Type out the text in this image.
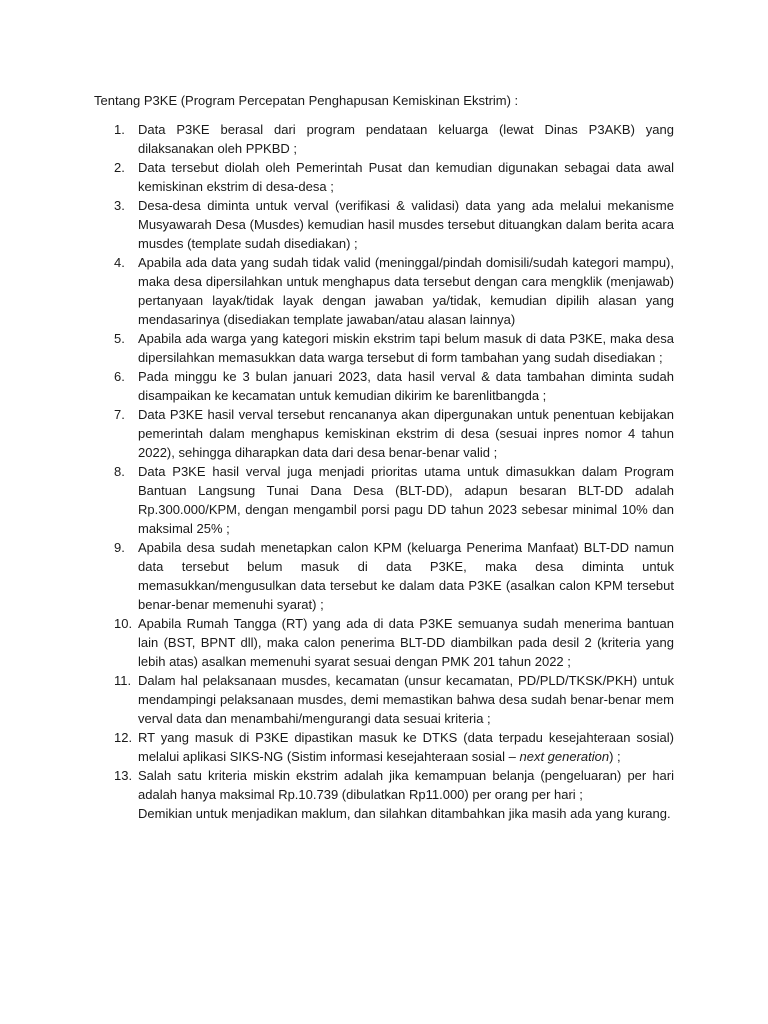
Tentang P3KE (Program Percepatan Penghapusan Kemiskinan Ekstrim) :

1.	Data P3KE berasal dari program pendataan keluarga (lewat Dinas P3AKB) yang dilaksanakan oleh PPKBD ;
2.	Data tersebut diolah oleh Pemerintah Pusat dan kemudian digunakan sebagai data awal kemiskinan ekstrim di desa-desa ;
3.	Desa-desa diminta untuk verval (verifikasi & validasi) data yang ada melalui mekanisme Musyawarah Desa (Musdes) kemudian hasil musdes tersebut dituangkan dalam berita acara musdes (template sudah disediakan) ;
4.	Apabila ada data yang sudah tidak valid (meninggal/pindah domisili/sudah kategori mampu), maka desa dipersilahkan untuk menghapus data tersebut dengan cara mengklik (menjawab) pertanyaan layak/tidak layak dengan jawaban ya/tidak, kemudian dipilih alasan yang mendasarinya (disediakan template jawaban/atau alasan lainnya)
5.	Apabila ada warga yang kategori miskin ekstrim tapi belum masuk di data P3KE, maka desa dipersilahkan memasukkan data warga tersebut di form tambahan yang sudah disediakan ;
6.	Pada minggu ke 3 bulan januari 2023, data hasil verval & data tambahan diminta sudah disampaikan ke kecamatan untuk kemudian dikirim ke barenlitbangda ;
7.	Data P3KE hasil verval tersebut rencananya akan dipergunakan untuk penentuan kebijakan pemerintah dalam menghapus kemiskinan ekstrim di desa (sesuai inpres nomor 4 tahun 2022), sehingga diharapkan data dari desa benar-benar valid ;
8.	Data P3KE hasil verval juga menjadi prioritas utama untuk dimasukkan dalam Program Bantuan Langsung Tunai Dana Desa (BLT-DD), adapun besaran BLT-DD adalah Rp.300.000/KPM, dengan mengambil porsi pagu DD tahun 2023 sebesar minimal 10% dan maksimal 25% ;
9.	Apabila desa sudah menetapkan calon KPM (keluarga Penerima Manfaat) BLT-DD namun data tersebut belum masuk di data P3KE, maka desa diminta untuk memasukkan/mengusulkan data tersebut ke dalam data P3KE (asalkan calon KPM tersebut benar-benar memenuhi syarat) ;
10. Apabila Rumah Tangga (RT) yang ada di data P3KE semuanya sudah menerima bantuan lain (BST, BPNT dll), maka calon penerima BLT-DD diambilkan pada desil 2 (kriteria yang lebih atas) asalkan memenuhi syarat sesuai dengan PMK 201 tahun 2022 ;
11. Dalam hal pelaksanaan musdes, kecamatan (unsur kecamatan, PD/PLD/TKSK/PKH) untuk mendampingi pelaksanaan musdes, demi memastikan bahwa desa sudah benar-benar mem verval data dan menambahi/mengurangi data sesuai kriteria ;
12. RT yang masuk di P3KE dipastikan masuk ke DTKS (data terpadu kesejahteraan sosial) melalui aplikasi SIKS-NG (Sistim informasi kesejahteraan sosial – next generation) ;
13. Salah satu kriteria miskin ekstrim adalah jika kemampuan belanja (pengeluaran) per hari adalah hanya maksimal Rp.10.739 (dibulatkan Rp11.000) per orang per hari ;

Demikian untuk menjadikan maklum, dan silahkan ditambahkan jika masih ada yang kurang.
